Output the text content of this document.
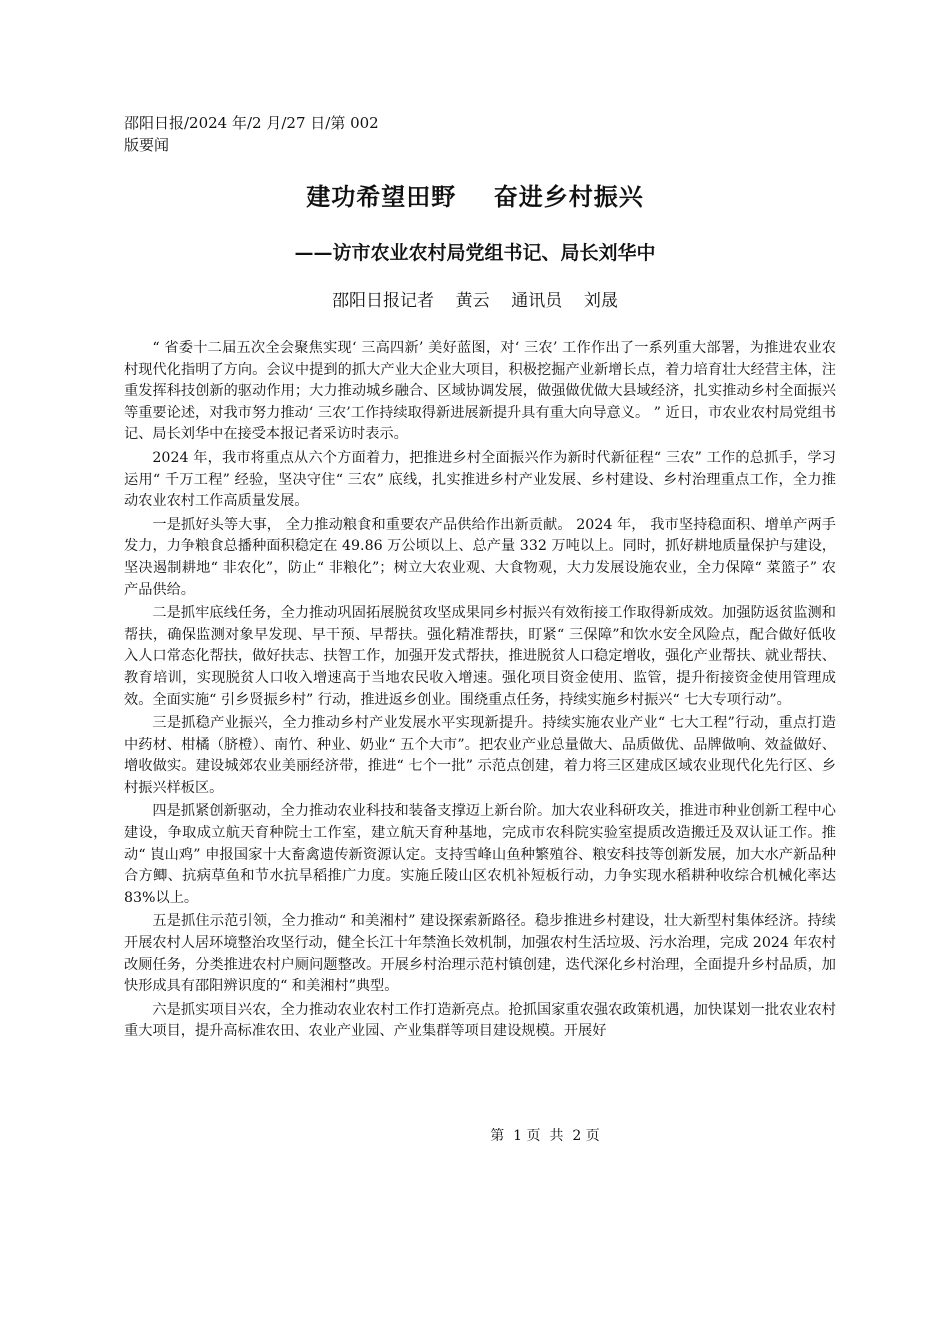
邵阳日报/2024 年/2 月/27 日/第 002
版要闻
建功希望田野    奋进乡村振兴
——访市农业农村局党组书记、局长刘华中
邵阳日报记者    黄云    通讯员    刘晟

“ 省委十二届五次全会聚焦实现‘ 三高四新’ 美好蓝图，对‘ 三农’ 工作作出了一系列重大部署，为推进农业农村现代化指明了方向。会议中提到的抓大产业大企业大项目，积极挖掘产业新增长点，着力培育壮大经营主体，注重发挥科技创新的驱动作用；大力推动城乡融合、区域协调发展，做强做优做大县域经济，扎实推动乡村全面振兴等重要论述，对我市努力推动‘ 三农’工作持续取得新进展新提升具有重大向导意义。 ” 近日，市农业农村局党组书记、局长刘华中在接受本报记者采访时表示。

2024 年，我市将重点从六个方面着力，把推进乡村全面振兴作为新时代新征程“ 三农” 工作的总抓手，学习运用“ 千万工程” 经验，坚决守住“ 三农” 底线，扎实推进乡村产业发展、乡村建设、乡村治理重点工作，全力推动农业农村工作高质量发展。

一是抓好头等大事， 全力推动粮食和重要农产品供给作出新贡献。 2024 年， 我市坚持稳面积、增单产两手发力，力争粮食总播种面积稳定在 49.86 万公顷以上、总产量 332 万吨以上。同时，抓好耕地质量保护与建设，坚决遏制耕地“ 非农化”，防止“ 非粮化”；树立大农业观、大食物观，大力发展设施农业，全力保障“ 菜篮子” 农产品供给。

二是抓牢底线任务，全力推动巩固拓展脱贫攻坚成果同乡村振兴有效衔接工作取得新成效。加强防返贫监测和帮扶，确保监测对象早发现、早干预、早帮扶。强化精准帮扶，盯紧“ 三保障”和饮水安全风险点，配合做好低收入人口常态化帮扶，做好扶志、扶智工作，加强开发式帮扶，推进脱贫人口稳定增收，强化产业帮扶、就业帮扶、教育培训，实现脱贫人口收入增速高于当地农民收入增速。强化项目资金使用、监管，提升衔接资金使用管理成效。全面实施“ 引乡贤振乡村” 行动，推进返乡创业。围绕重点任务，持续实施乡村振兴“ 七大专项行动”。

三是抓稳产业振兴，全力推动乡村产业发展水平实现新提升。持续实施农业产业“ 七大工程”行动，重点打造中药材、柑橘（脐橙）、南竹、种业、奶业“ 五个大市”。把农业产业总量做大、品质做优、品牌做响、效益做好、增收做实。建设城郊农业美丽经济带，推进“ 七个一批” 示范点创建，着力将三区建成区域农业现代化先行区、乡村振兴样板区。

四是抓紧创新驱动，全力推动农业科技和装备支撑迈上新台阶。加大农业科研攻关，推进市种业创新工程中心建设，争取成立航天育种院士工作室，建立航天育种基地，完成市农科院实验室提质改造搬迁及双认证工作。推动“ 崀山鸡” 申报国家十大畜禽遗传新资源认定。支持雪峰山鱼种繁殖谷、粮安科技等创新发展，加大水产新品种合方鲫、抗病草鱼和节水抗旱稻推广力度。实施丘陵山区农机补短板行动，力争实现水稻耕种收综合机械化率达 83%以上。

五是抓住示范引领，全力推动“ 和美湘村” 建设探索新路径。稳步推进乡村建设，壮大新型村集体经济。持续开展农村人居环境整治攻坚行动，健全长江十年禁渔长效机制，加强农村生活垃圾、污水治理，完成 2024 年农村改厕任务，分类推进农村户厕问题整改。开展乡村治理示范村镇创建，迭代深化乡村治理，全面提升乡村品质，加快形成具有邵阳辨识度的“ 和美湘村”典型。

六是抓实项目兴农，全力推动农业农村工作打造新亮点。抢抓国家重农强农政策机遇，加快谋划一批农业农村重大项目，提升高标准农田、农业产业园、产业集群等项目建设规模。开展好

第  1 页  共  2 页
